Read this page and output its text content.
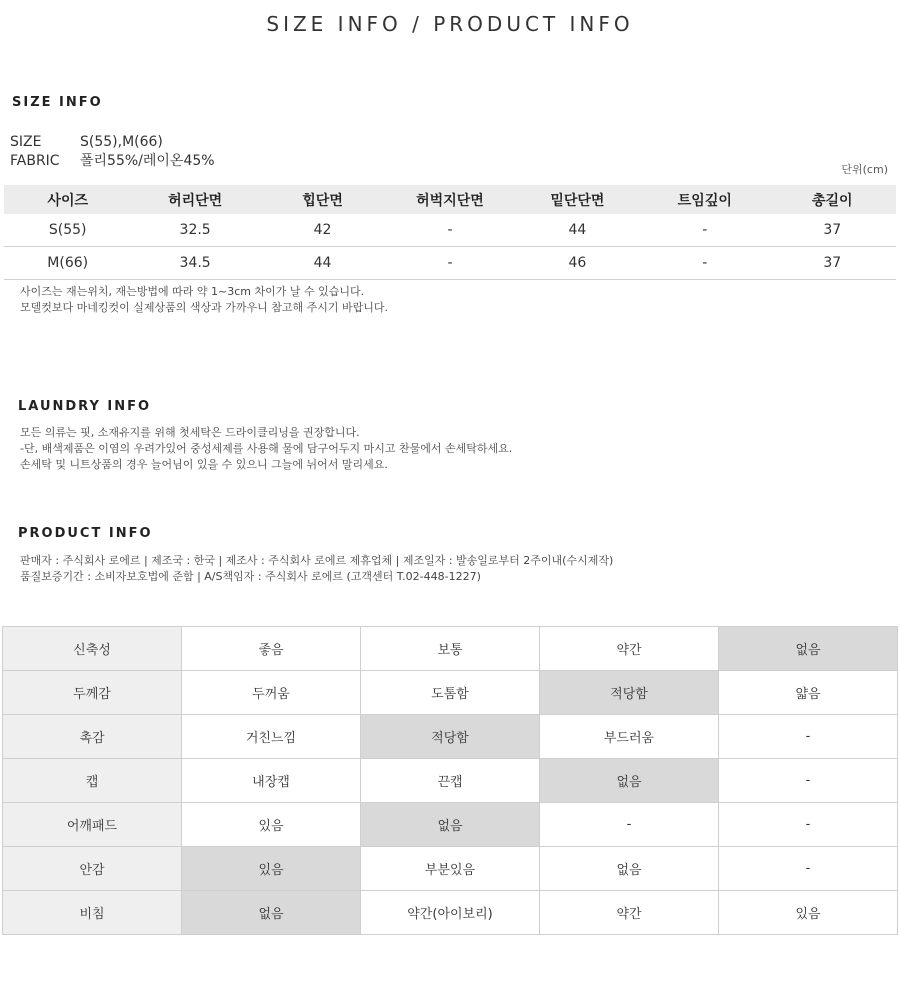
SIZE INFO / PRODUCT INFO
SIZE INFO
SIZE	S(55),M(66)
FABRIC 폴리55%/레이온45%
단위(cm)
사이즈	허리단면	힙단면	허벅지단면	밑단단면	트임깊이	총길이
S(55)	32.5	42	-	44	-	37
M(66)	34.5	44	-	46	-	37
사이즈는 재는위치, 재는방법에 따라 약 1~3cm 차이가 날 수 있습니다.
모델컷보다 마네킹컷이 실제상품의 색상과 가까우니 참고해 주시기 바랍니다.
LAUNDRY INFO
모든 의류는 핏, 소재유지를 위해 첫세탁은 드라이클리닝을 권장합니다.
-단, 배색제품은 이염의 우려가있어 중성세제를 사용해 물에 담구어두지 마시고 찬물에서 손세탁하세요.
손세탁 및 니트상품의 경우 늘어님이 있을 수 있으니 그늘에 뉘어서 말리세요.
PRODUCT INFO
판매자 : 주식회사 로에르 | 제조국 : 한국 | 제조사 : 주식회사 로에르 제휴업체 | 제조일자 : 발송일로부터 2주이내(수시제작)
품질보증기간 : 소비자보호법에 준함 | A/S책임자 : 주식회사 로에르 (고객센터 T.02-448-1227)
신축성	좋음	보통	약간	없음
두께감	두꺼움	도톰함	적당함	얇음
촉감	거친느낌	적당함	부드러움	-
캡	내장캡	끈캡	없음	-
어깨패드	있음	없음	-	-
안감	있음	부분있음	없음	-
비침	없음	약간(아이보리)	약간	있음
